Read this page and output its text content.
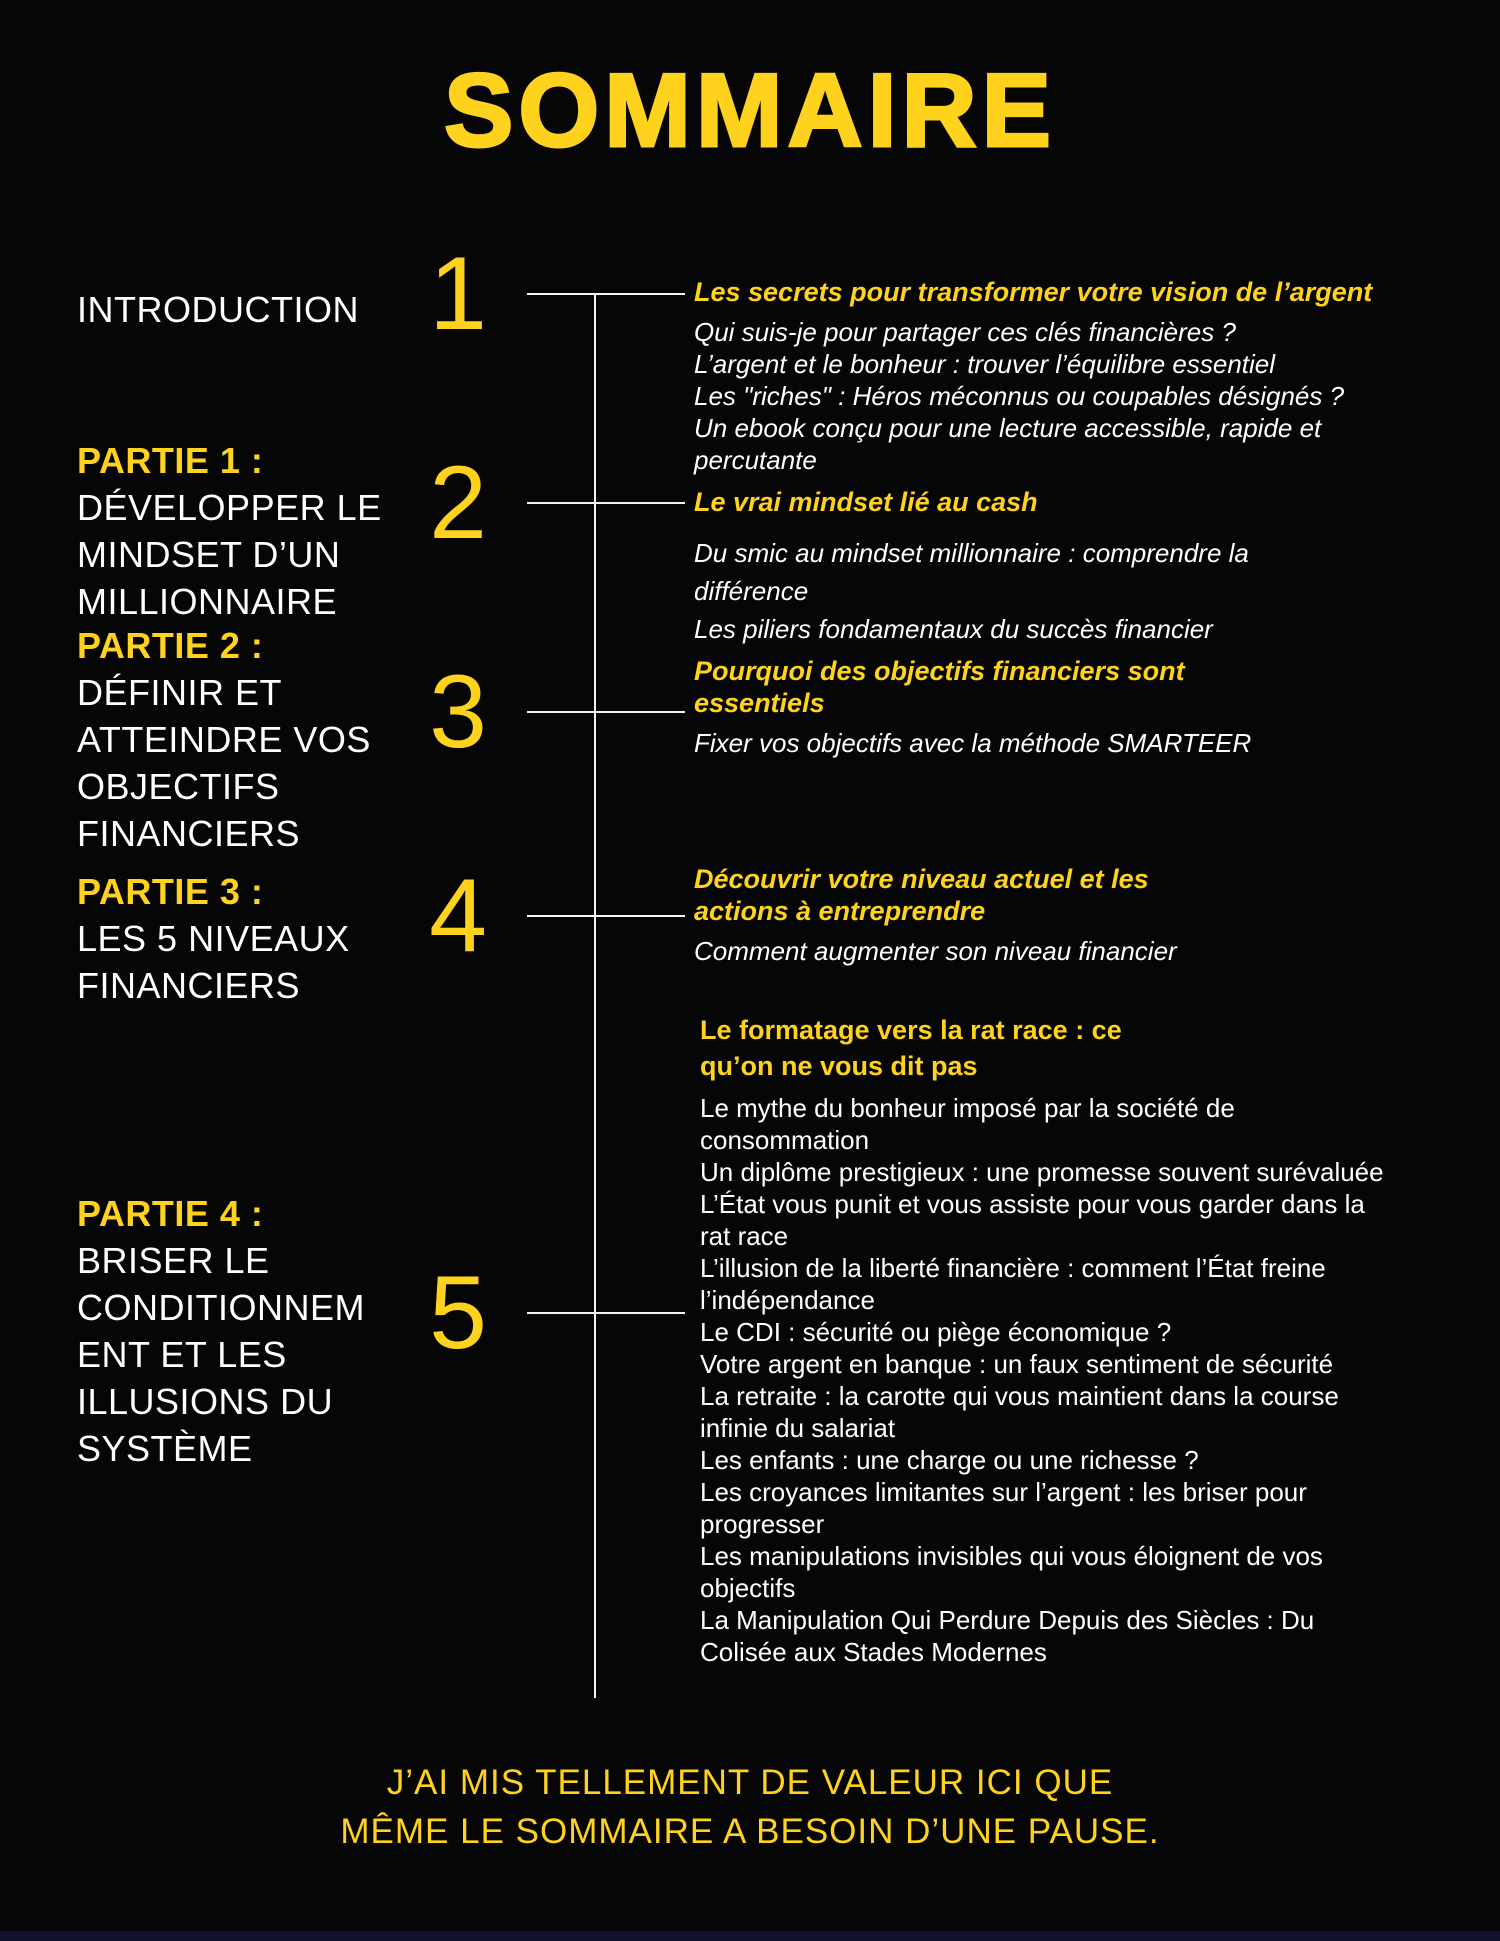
SOMMAIRE
1
2
3
4
5
INTRODUCTION
PARTIE 1 :
DÉVELOPPER LE MINDSET D’UN MILLIONNAIRE
PARTIE 2 :
DÉFINIR ET ATTEINDRE VOS OBJECTIFS FINANCIERS
PARTIE 3 :
LES 5 NIVEAUX FINANCIERS
PARTIE 4 :
BRISER LE CONDITIONNEMENT ET LES ILLUSIONS DU SYSTÈME
Les secrets pour transformer votre vision de l’argent
Qui suis-je pour partager ces clés financières ?
L’argent et le bonheur : trouver l’équilibre essentiel
Les "riches" : Héros méconnus ou coupables désignés ?
Un ebook conçu pour une lecture accessible, rapide et percutante
Le vrai mindset lié au cash
Du smic au mindset millionnaire : comprendre la différence
Les piliers fondamentaux du succès financier
Pourquoi des objectifs financiers sont essentiels
Fixer vos objectifs avec la méthode SMARTEER
Découvrir votre niveau actuel et les actions à entreprendre
Comment augmenter son niveau financier
Le formatage vers la rat race : ce qu’on ne vous dit pas
Le mythe du bonheur imposé par la société de consommation
Un diplôme prestigieux : une promesse souvent surévaluée
L’État vous punit et vous assiste pour vous garder dans la rat race
L’illusion de la liberté financière : comment l’État freine l’indépendance
Le CDI : sécurité ou piège économique ?
Votre argent en banque : un faux sentiment de sécurité
La retraite : la carotte qui vous maintient dans la course infinie du salariat
Les enfants : une charge ou une richesse ?
Les croyances limitantes sur l’argent : les briser pour progresser
Les manipulations invisibles qui vous éloignent de vos objectifs
La Manipulation Qui Perdure Depuis des Siècles : Du Colisée aux Stades Modernes
J’AI MIS TELLEMENT DE VALEUR ICI QUE
MÊME LE SOMMAIRE A BESOIN D’UNE PAUSE.
